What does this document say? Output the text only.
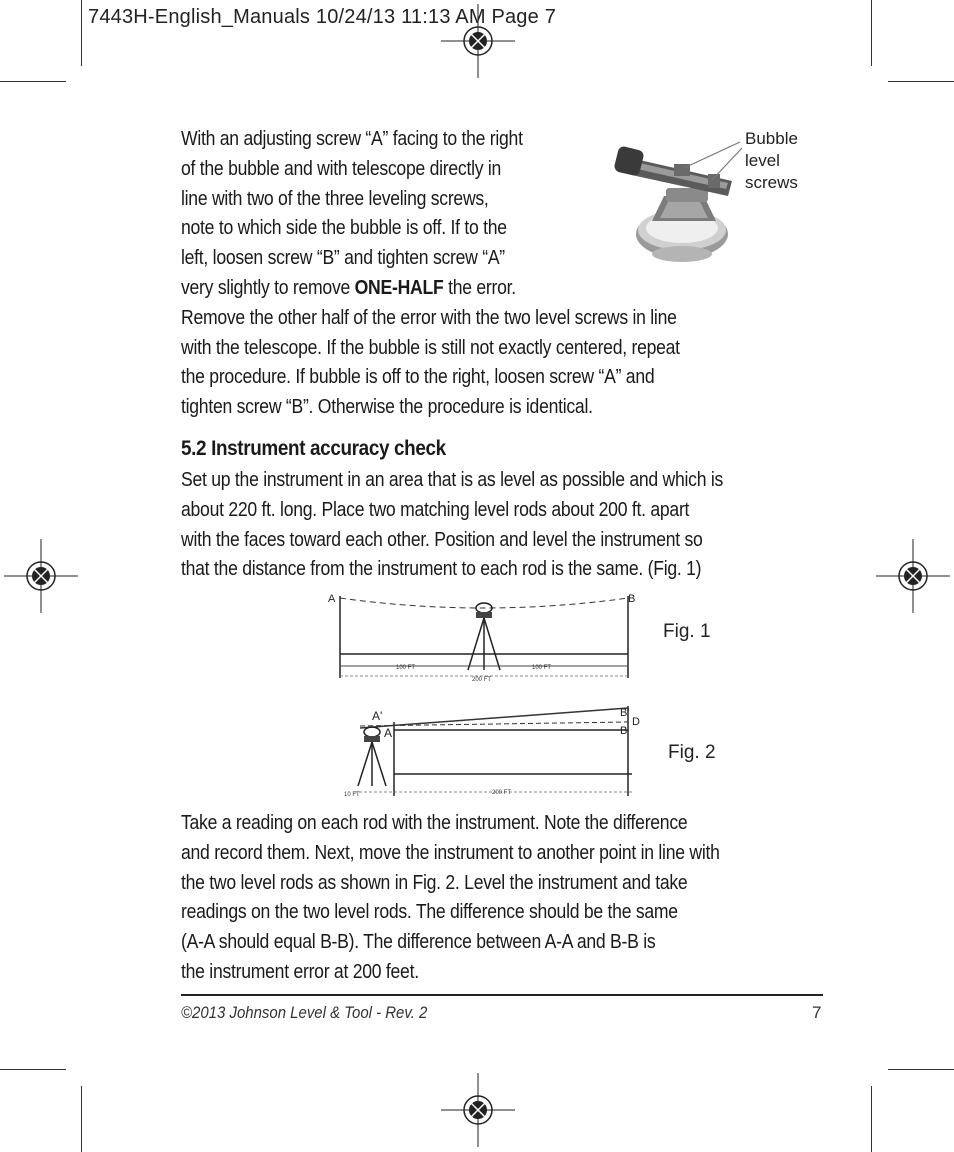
7443H-English_Manuals 10/24/13 11:13 AM Page 7
With an adjusting screw “A” facing to the right
of the bubble and with telescope directly in
line with two of the three leveling screws,
note to which side the bubble is off. If to the
left, loosen screw “B” and tighten screw “A”
very slightly to remove ONE-HALF the error.
Remove the other half of the error with the two level screws in line
with the telescope. If the bubble is still not exactly centered, repeat
the procedure. If bubble is off to the right, loosen screw “A” and
tighten screw “B”. Otherwise the procedure is identical.
Bubble
level
screws
5.2 Instrument accuracy check
Set up the instrument in an area that is as level as possible and which is
about 220 ft. long. Place two matching level rods about 200 ft. apart
with the faces toward each other. Position and level the instrument so
that the distance from the instrument to each rod is the same. (Fig. 1)
A	B
100 FT	100 FT
200 FT
Fig. 1
A'
A
B'
D
B
10 FT	200 FT
Fig. 2
Take a reading on each rod with the instrument. Note the difference
and record them. Next, move the instrument to another point in line with
the two level rods as shown in Fig. 2. Level the instrument and take
readings on the two level rods. The difference should be the same
(A-A should equal B-B). The difference between A-A and B-B is
the instrument error at 200 feet.
©2013 Johnson Level & Tool - Rev. 2	7
